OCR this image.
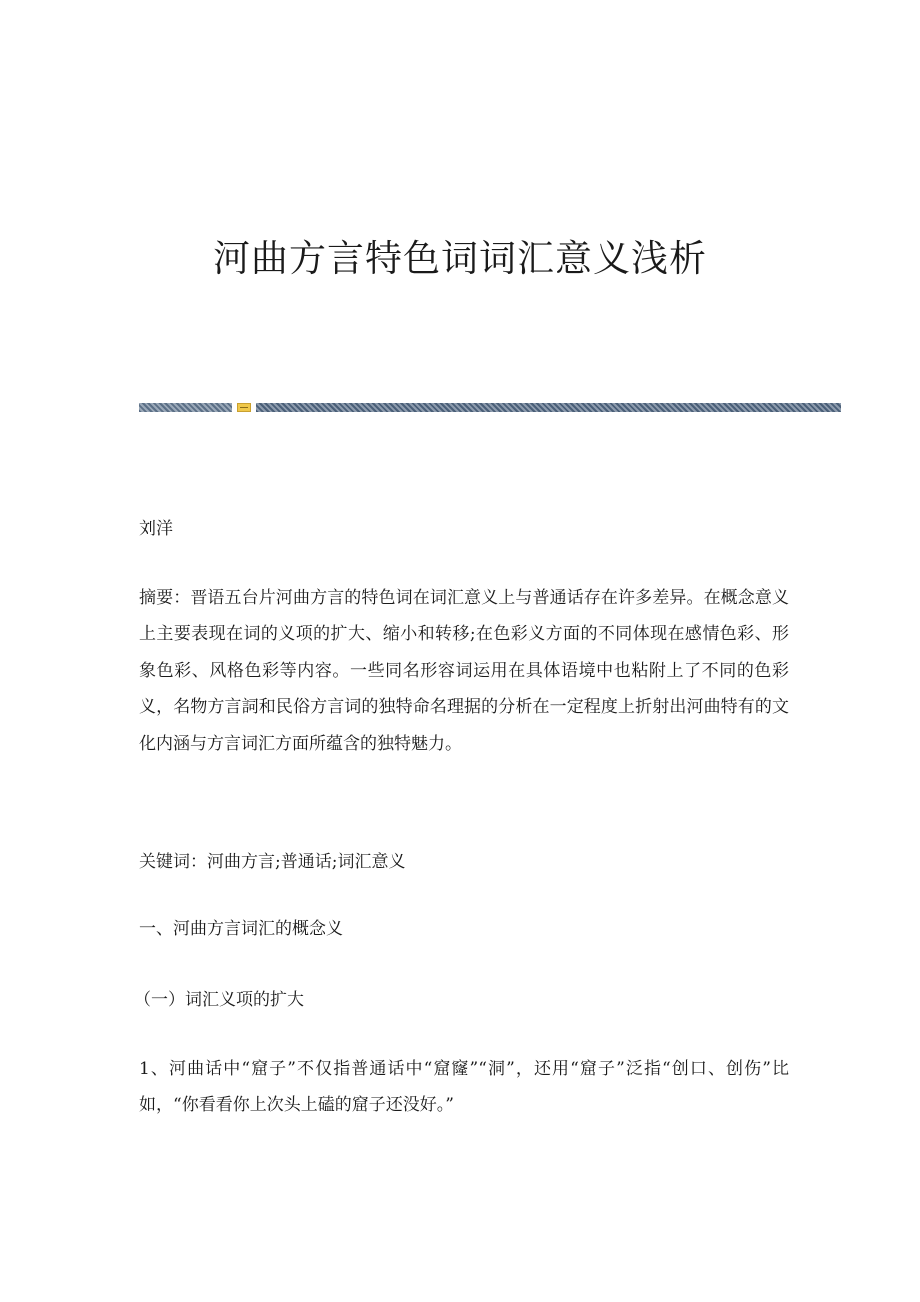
河曲方言特色词词汇意义浅析

刘洋

摘要：晋语五台片河曲方言的特色词在词汇意义上与普通话存在许多差异。在概念意义上主要表现在词的义项的扩大、缩小和转移;在色彩义方面的不同体现在感情色彩、形象色彩、风格色彩等内容。一些同名形容词运用在具体语境中也粘附上了不同的色彩义，名物方言詞和民俗方言词的独特命名理据的分析在一定程度上折射出河曲特有的文化内涵与方言词汇方面所蕴含的独特魅力。

关键词：河曲方言;普通话;词汇意义

一、河曲方言词汇的概念义

（一）词汇义项的扩大

1、河曲话中“窟子”不仅指普通话中“窟窿”“洞”，还用“窟子”泛指“创口、创伤”比如，“你看看你上次头上磕的窟子还没好。”
